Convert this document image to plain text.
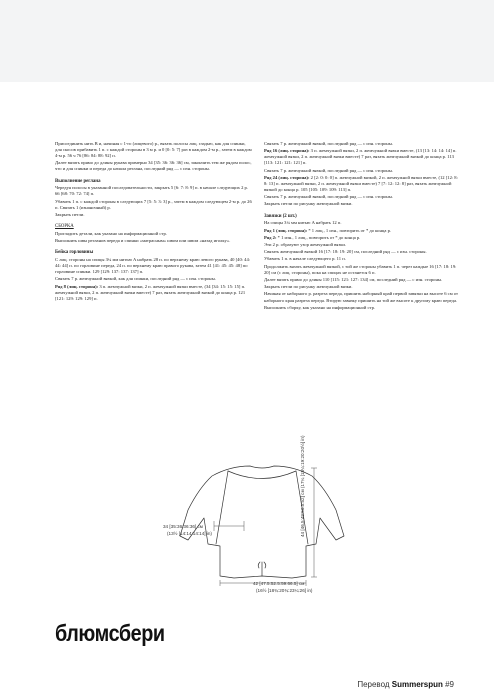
Присоединить нить B и, начиная с 1-го (лицевого) р., вязать полосы лиц. гладью, как для спинки, для скосов прибавить 1 п. с каждой стороны в 3 м р. и 0 [0: 5: 7] раз в каждом 2-м р., затем в каждом 4-м р. 56 ч 76 [86: 84: 88: 92] п.

Далее вязать прямо до длины рукава примерно 34 [35: 36: 36: 36] см, закончить тем же рядом полос, что и для спинки и переда до начала реглана, последний ряд — с изн. стороны.

Выполнение реглана

Чередуя полосы в указанной последовательности, закрыть 5 [6: 7: 8: 9] п. в начале следующих 2 р. 66 [68: 70: 72: 74] п.

Убавить 1 п. с каждой стороны в следующих 7 [5: 5: 3: 3] р., затем в каждом следующем 2-м р. до 26 п. Связать 1 (изнаночный) р.

Закрыть петли.

СБОРКА

Прогладить детали, как указано на информационной стр.

Выполнить швы регланов переда и спинки «матрасным» швом или швом «назад иголку».

Бейка горловины

С лиц. стороны на спицы 3¼ мм нитью A набрать 28 п. по верхнему краю левого рукава, 40 [40: 44: 44: 44] п. по горловине переда, 24 п. по верхнему краю правого рукава, затем 41 [41: 45: 45: 48] по горловине спинки. 129 [129: 137: 137: 137] п.

Связать 7 р. жемчужной вязкой, как для спинки, последний ряд — с изн. стороны.

Ряд 8 (лиц. сторона): 3 п. жемчужной вязки, 2 п. жемчужной вязки вместе, (34 [34: 15: 15: 15] п. жемчужной вязки, 2 п. жемчужной вязки вместе) 7 раз, вязать жемчужной вязкой до конца р. 121 [121: 129: 129: 129] п.

Связать 7 р. жемчужной вязкой, последний ряд — с изн. стороны.

Ряд 16 (лиц. сторона): 3 п. жемчужной вязки, 2 п. жемчужной вязки вместе, (13 [13: 14: 14: 14] п. жемчужной вязки, 2 п. жемчужной вязки вместе) 7 раз, вязать жемчужной вязкой до конца р. 113 [113: 121: 121: 121] п.

Связать 7 р. жемчужной вязкой, последний ряд — с изн. стороны.

Ряд 24 (лиц. сторона): 2 [2: 0: 0: 0] п. жемчужной вязкой, 2 п. жемчужной вязки вместе, (12 [12: 8: 8: 13] п. жемчужной вязки, 2 п. жемчужной вязки вместе) 7 [7: 12: 12: 8] раз, вязать жемчужной вязкой до конца р. 105 [105: 109: 109: 113] п.

Связать 7 р. жемчужной вязкой, последний ряд — с изн. стороны.

Закрыть петли по рисунку жемчужной вязки.

Завязки (2 шт.)

На спицы 3¼ мм нитью A набрать 12 п.

Ряд 1 (лиц. сторона): * 1 лиц., 1 изн., повторить от * до конца р.

Ряд 2: * 1 изн., 1 лиц., повторить от * до конца р.

Эти 2 р. образуют узор жемчужной вязки.

Связать жемчужной вязкой 16 [17: 18: 19: 20] см, последний ряд — с изн. стороны.

Убавить 1 п. в начале следующего р. 11 п.

Продолжить вязать жемчужной вязкой, с той же стороны убавить 1 п. через каждые 16 [17: 18: 19: 20] см (с лиц. стороны), пока на спицах не останется 6 п.

Далее вязать прямо до длины 110 [115: 121: 127: 134] см, последний ряд — с изн. стороны.

Закрыть петли по рисунку жемчужной вязки.

Начиная от наборного р. разреза переда, пришить наборный край первой завязки на высоте 6 см от наборного края разреза переда. Вторую завязку пришить на той же высоте к другому краю переда.

Выполнить сборку, как указано на информационной стр.

34 [35:36:36:36] см
(13½ [14:14:14:14] in)
42 [47.5:52.5:59:66.5] см
(16½ [18¾:20¾:23¼:26] in)
44 [46.5:48:50.5:52] см (17¼ [18¼:19:20:20½] in)
блюмсбери
Перевод Summerspun #9
